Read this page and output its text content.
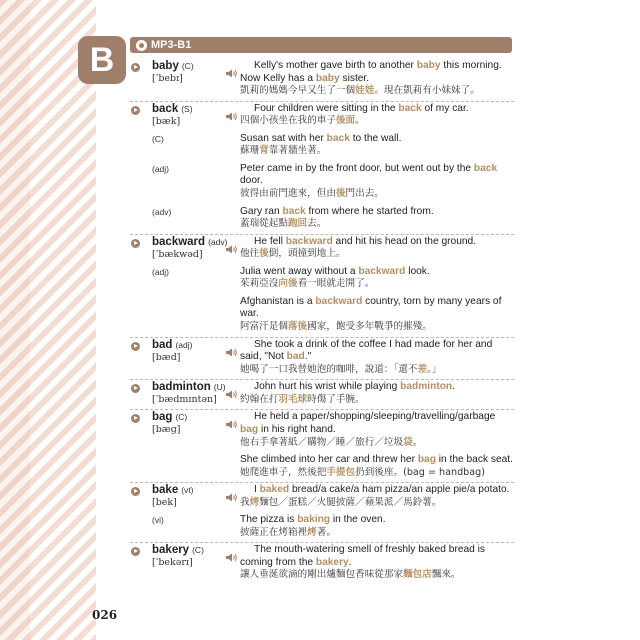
B	MP3-B1
baby (C)
[ˈbebɪ]
Kelly's mother gave birth to another baby this morning. Now Kelly has a baby sister.
凱莉的媽媽今早又生了一個娃娃。現在凱莉有小妹妹了。
back (S)
[bæk]
Four children were sitting in the back of my car.
四個小孩坐在我的車子後面。
(C)	Susan sat with her back to the wall.
蘇珊背靠著牆坐著。
(adj)	Peter came in by the front door, but went out by the back door.
彼得由前門進來，但由後門出去。
(adv)	Gary ran back from where he started from.
蓋瑞從起點跑回去。
backward (adv)
[ˈbækwəd]
He fell backward and hit his head on the ground.
他往後倒，頭撞到地上。
(adj)	Julia went away without a backward look.
茱莉亞沒向後看一眼就走開了。
Afghanistan is a backward country, torn by many years of war.
阿富汗是個落後國家，飽受多年戰爭的摧殘。
bad (adj)
[bæd]
She took a drink of the coffee I had made for her and said, "Not bad."
她喝了一口我替她泡的咖啡，說道：「還不差。」
badminton (U)
[ˈbædmɪntən]
John hurt his wrist while playing badminton.
約翰在打羽毛球時傷了手腕。
bag (C)
[bæg]
He held a paper/shopping/sleeping/travelling/garbage bag in his right hand.
他右手拿著紙／購物／睡／旅行／垃圾袋。
She climbed into her car and threw her bag in the back seat.
她爬進車子，然後把手提包扔到後座。(bag = handbag)
bake (vt)
[bek]
I baked bread/a cake/a ham pizza/an apple pie/a potato.
我烤麵包／蛋糕／火腿披薩／蘋果派／馬鈴薯。
(vi)	The pizza is baking in the oven.
披薩正在烤箱裡烤著。
bakery (C)
[ˈbekərɪ]
The mouth-watering smell of freshly baked bread is coming from the bakery.
讓人垂涎欲滴的剛出爐麵包香味從那家麵包店飄來。
026
